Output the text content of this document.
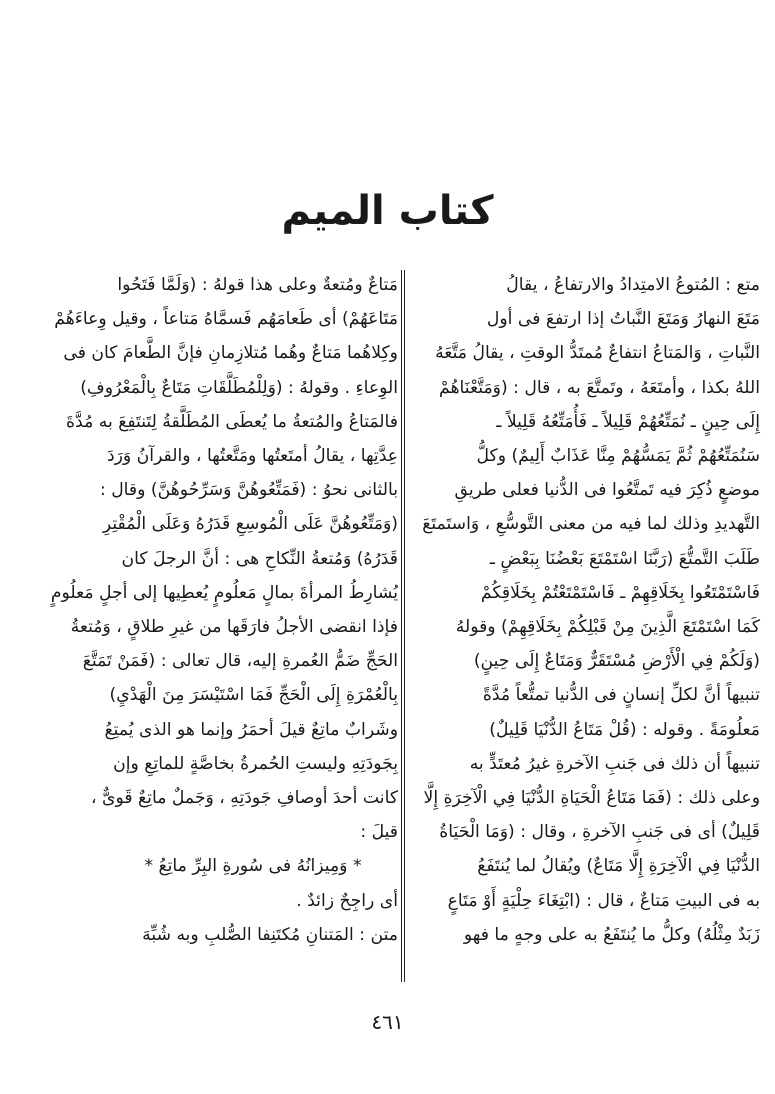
كتاب الميم
متع : المُتوعُ الامتِدادُ والارتفاعُ ، يقالُ
مَتَعَ النهارُ وَمَتَعَ النَّباتُ إذا ارتفعَ فى أول
النَّباتِ ، وَالمَتاعُ انتفاعٌ مُمتَدُّ الوقتِ ، يقالُ مَتَّعَهُ
اللهُ بكذا ، وأمتَعَهُ ، وتَمتَّعَ به ، قال : (وَمَتَّعْنَاهُمْ
إِلَى حِينٍ ـ نُمَتِّعُهُمْ قَلِيلاً ـ فَأُمَتِّعُهُ قَلِيلاً ـ
سَنُمَتِّعُهُمْ ثُمَّ يَمَسُّهُمْ مِنَّا عَذَابٌ أَلِيمٌ) وكلُّ
موضعٍ ذُكِرَ فيه تَمتَّعُوا فى الدُّنيا فعلى طريقِ
التَّهديدِ وذلك لما فيه من معنى التَّوسُّعِ ، وَاستَمتَعَ
طَلَبَ التَّمتُّعَ (رَبَّنَا اسْتَمْتَعَ بَعْضُنَا بِبَعْضٍ ـ
فَاسْتَمْتَعُوا بِخَلَاقِهِمْ ـ فَاسْتَمْتَعْتُمْ بِخَلَاقِكُمْ
كَمَا اسْتَمْتَعَ الَّذِينَ مِنْ قَبْلِكُمْ بِخَلَاقِهِمْ) وقولهُ
(وَلَكُمْ فِي الْأَرْضِ مُسْتَقَرٌّ وَمَتَاعٌ إِلَى حِينٍ)
تنبيهاً أنَّ لكلِّ إنسانٍ فى الدُّنيا تمتُّعاً مُدَّةً
مَعلُومَةً . وقوله : (قُلْ مَتَاعُ الدُّنْيَا قَلِيلٌ)
تنبيهاً أن ذلك فى جَنبِ الآخرةِ غيرُ مُعتَدٍّ به
وعلى ذلك : (فَمَا مَتَاعُ الْحَيَاةِ الدُّنْيَا فِي الْآخِرَةِ إِلَّا
قَلِيلٌ) أى فى جَنبِ الآخرةِ ، وقال : (وَمَا الْحَيَاةُ
الدُّنْيَا فِي الْآخِرَةِ إِلَّا مَتَاعٌ) ويُقالُ لما يُنتَفَعُ
به فى البيتِ مَتاعٌ ، قال : (ابْتِغَاءَ حِلْيَةٍ أَوْ مَتَاعٍ
زَبَدٌ مِثْلُهُ) وكلُّ ما يُنتَفَعُ به على وجهٍ ما فهو
مَتاعٌ ومُتعةٌ وعلى هذا قولهُ : (وَلَمَّا فَتَحُوا
مَتَاعَهُمْ) أى طَعامَهُم فَسمَّاهُ مَتاعاً ، وقيل وِعاءَهُمْ
وكِلاهُما مَتاعٌ وهُما مُتلازِمانِ فإنَّ الطَّعامَ كان فى
الوِعاءِ . وقولهُ : (وَلِلْمُطَلَّقَاتِ مَتَاعٌ بِالْمَعْرُوفِ)
فالمَتاعُ والمُتعةُ ما يُعطَى المُطَلَّقةُ لِتَنتَفِعَ به مُدَّةَ
عِدَّتِها ، يقالُ أمتَعتُها ومَتَّعتُها ، والقرآنُ وَرَدَ
بالثانى نحوُ : (فَمَتِّعُوهُنَّ وَسَرِّحُوهُنَّ) وقال :
(وَمَتِّعُوهُنَّ عَلَى الْمُوسِعِ قَدَرُهُ وَعَلَى الْمُقْتِرِ
قَدَرُهُ) وَمُتعةُ النِّكاحِ هى : أنَّ الرجلَ كان
يُشارِطُ المرأةَ بمالٍ مَعلُومٍ يُعطِيها إلى أجلٍ مَعلُومٍ
فإذا انقضى الأجلُ فارَقَها من غيرِ طلاقٍ ، وَمُتعةُ
الحَجِّ ضَمُّ العُمرةِ إليه، قال تعالى : (فَمَنْ تَمَتَّعَ
بِالْعُمْرَةِ إِلَى الْحَجِّ فَمَا اسْتَيْسَرَ مِنَ الْهَدْيِ)
وشَرابٌ ماتِعٌ قيلَ أحمَرُ وإنما هو الذى يُمتِعُ
بِجَودَتِهِ وليستِ الحُمرةُ بخاصَّةٍ للماتِعِ وإن
كانت أحدَ أوصافِ جَودَتِهِ ، وَجَملٌ ماتِعٌ قَوىٌّ ،
قيلَ :
* وَمِيزانُهُ فى سُورةِ البِرِّ ماتِعُ *
أى راجِحٌ زائدٌ .
متن : المَتنانِ مُكتَنِفا الصُّلبِ وبه شُبِّهَ
٤٦١
